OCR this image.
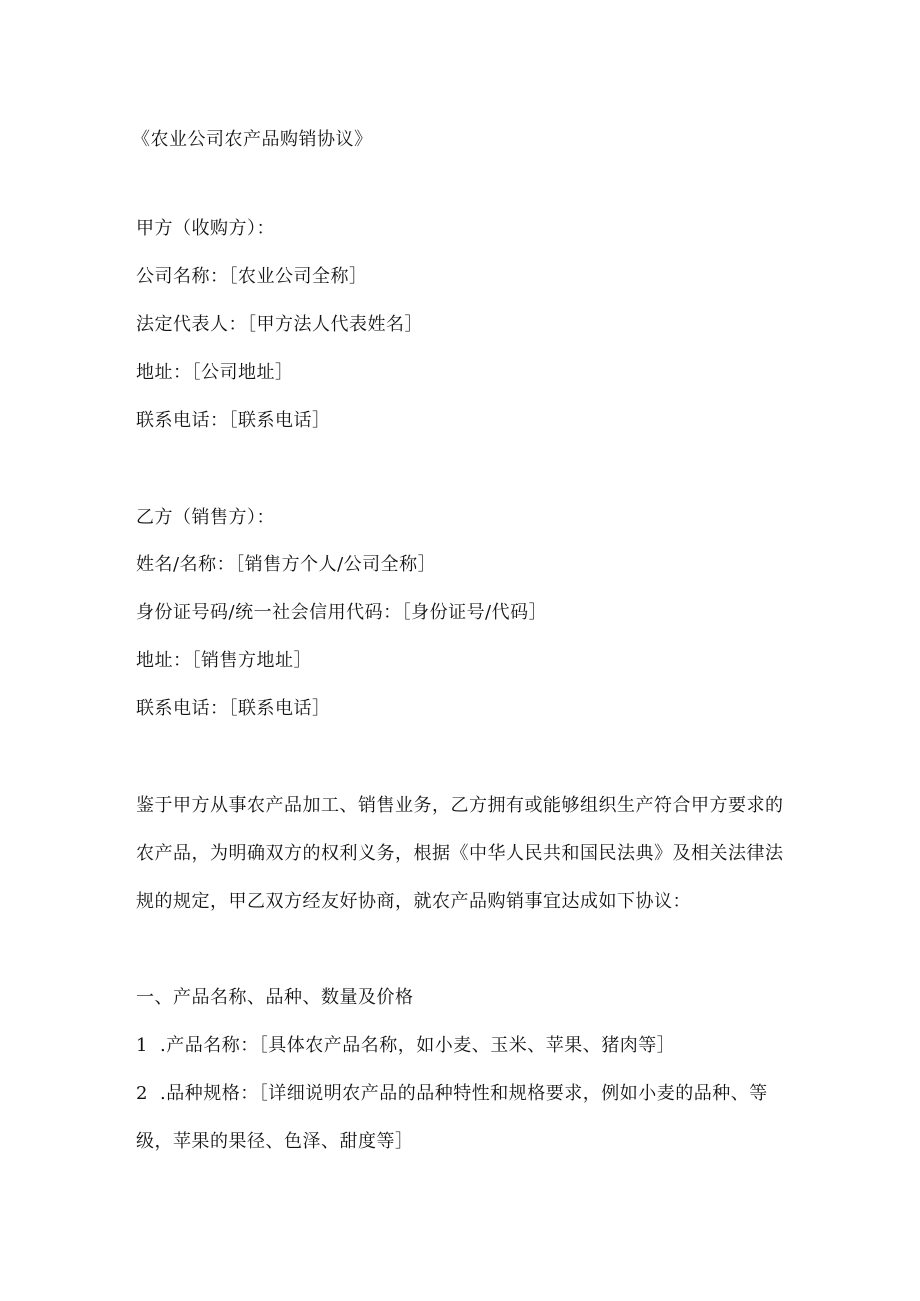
《农业公司农产品购销协议》
甲方（收购方）：
公司名称：［农业公司全称］
法定代表人：［甲方法人代表姓名］
地址：［公司地址］
联系电话：［联系电话］
乙方（销售方）：
姓名/名称：［销售方个人/公司全称］
身份证号码/统一社会信用代码：［身份证号/代码］
地址：［销售方地址］
联系电话：［联系电话］
鉴于甲方从事农产品加工、销售业务，乙方拥有或能够组织生产符合甲方要求的
农产品，为明确双方的权利义务，根据《中华人民共和国民法典》及相关法律法
规的规定，甲乙双方经友好协商，就农产品购销事宜达成如下协议：
一、产品名称、品种、数量及价格
1 .产品名称：［具体农产品名称，如小麦、玉米、苹果、猪肉等］
2 .品种规格：［详细说明农产品的品种特性和规格要求，例如小麦的品种、等
级，苹果的果径、色泽、甜度等］
